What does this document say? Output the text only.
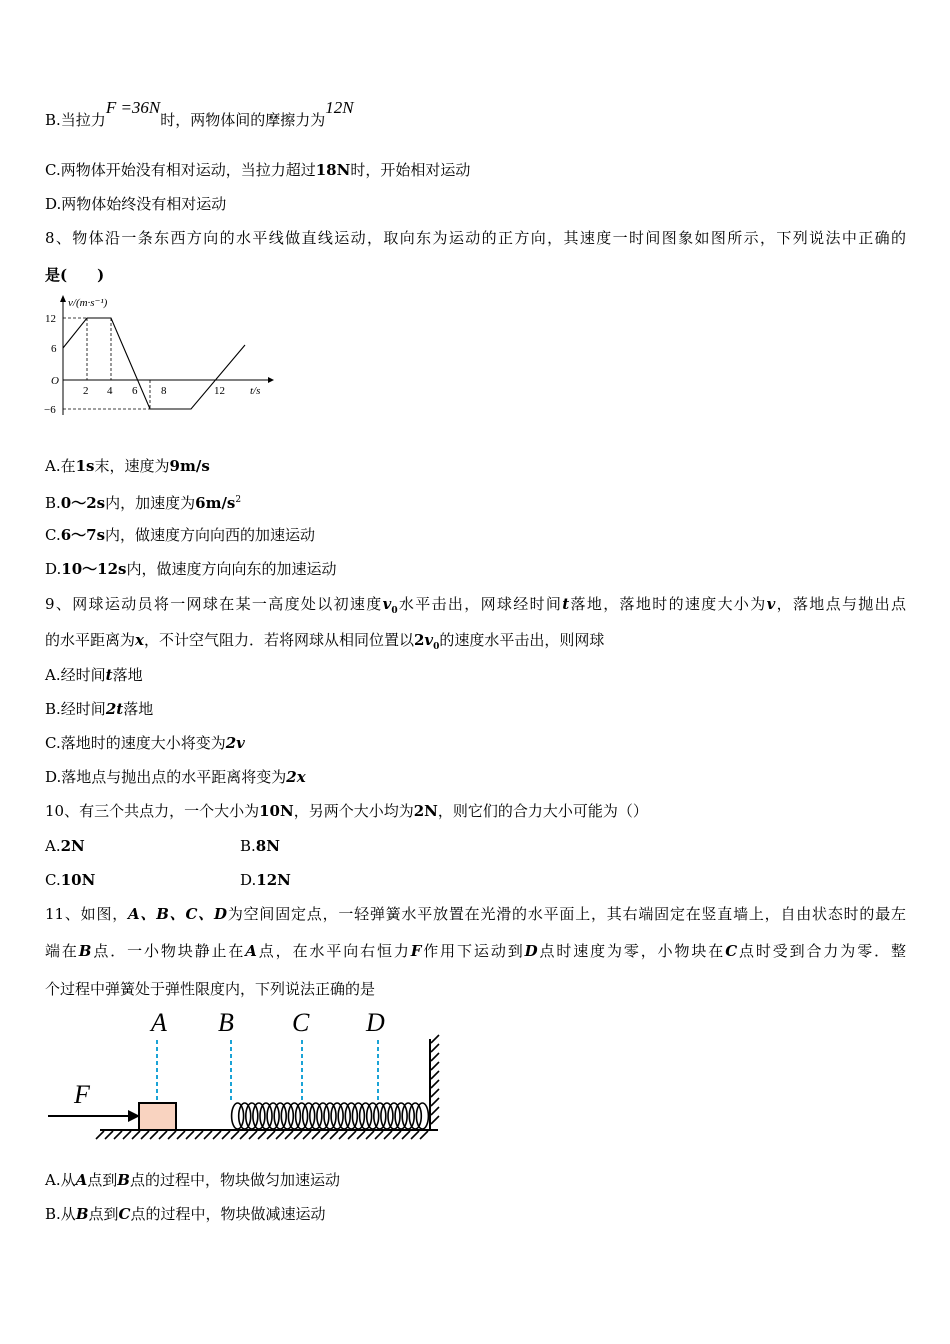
B.当拉力F =36N时，两物体间的摩擦力为12N
C.两物体开始没有相对运动，当拉力超过18N时，开始相对运动
D.两物体始终没有相对运动
8、物体沿一条东西方向的水平线做直线运动，取向东为运动的正方向，其速度一时间图象如图所示，下列说法中正确的
是(　　)
v/(m·s⁻¹)
t/s
O
12
6
−6
2 4 6 8	12
A.在1s末，速度为9m/s
B.0～2s内，加速度为$6m/s^2$
C.6～7s内，做速度方向向西的加速运动
D.10～12s内，做速度方向向东的加速运动
9、网球运动员将一网球在某一高度处以初速度$v_0$水平击出，网球经时间t落地，落地时的速度大小为v，落地点与抛出点
的水平距离为x，不计空气阻力．若将网球从相同位置以$2v_0$的速度水平击出，则网球
A.经时间t落地
B.经时间2t落地
C.落地时的速度大小将变为2v
D.落地点与抛出点的水平距离将变为2x
10、有三个共点力，一个大小为10N，另两个大小均为2N，则它们的合力大小可能为（）
A.2N	B.8N
C.10N	D.12N
11、如图，A、B、C、D为空间固定点，一轻弹簧水平放置在光滑的水平面上，其右端固定在竖直墙上，自由状态时的最左
端在B点．一小物块静止在A点，在水平向右恒力F作用下运动到D点时速度为零，小物块在C点时受到合力为零．整
个过程中弹簧处于弹性限度内，下列说法正确的是
A B C D
F
A.从A点到B点的过程中，物块做匀加速运动
B.从B点到C点的过程中，物块做减速运动
